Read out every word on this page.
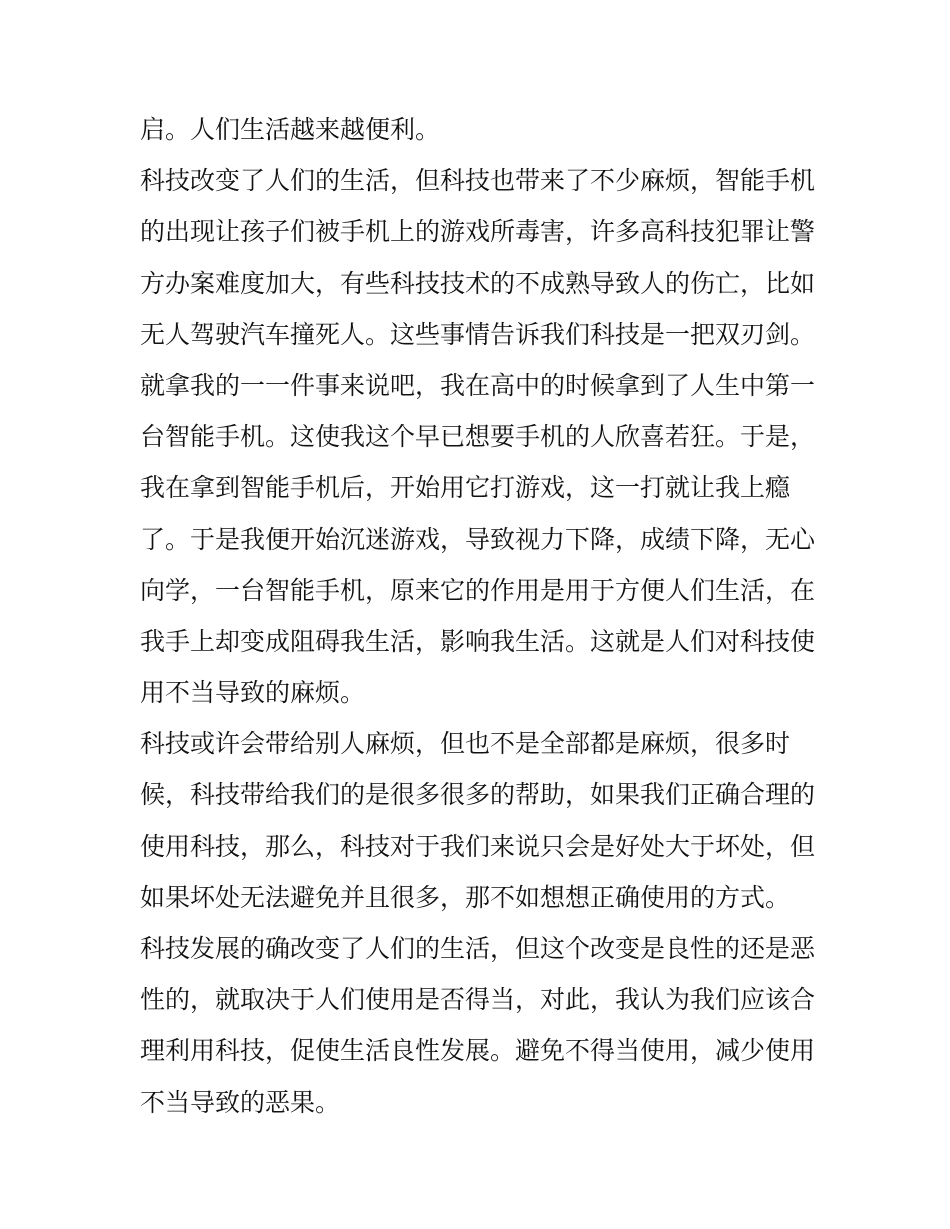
启。人们生活越来越便利。
科技改变了人们的生活，但科技也带来了不少麻烦，智能手机
的出现让孩子们被手机上的游戏所毒害，许多高科技犯罪让警
方办案难度加大，有些科技技术的不成熟导致人的伤亡，比如
无人驾驶汽车撞死人。这些事情告诉我们科技是一把双刃剑。
就拿我的一一件事来说吧，我在高中的时候拿到了人生中第一
台智能手机。这使我这个早已想要手机的人欣喜若狂。于是，
我在拿到智能手机后，开始用它打游戏，这一打就让我上瘾
了。于是我便开始沉迷游戏，导致视力下降，成绩下降，无心
向学，一台智能手机，原来它的作用是用于方便人们生活，在
我手上却变成阻碍我生活，影响我生活。这就是人们对科技使
用不当导致的麻烦。
科技或许会带给别人麻烦，但也不是全部都是麻烦，很多时
候，科技带给我们的是很多很多的帮助，如果我们正确合理的
使用科技，那么，科技对于我们来说只会是好处大于坏处，但
如果坏处无法避免并且很多，那不如想想正确使用的方式。
科技发展的确改变了人们的生活，但这个改变是良性的还是恶
性的，就取决于人们使用是否得当，对此，我认为我们应该合
理利用科技，促使生活良性发展。避免不得当使用，减少使用
不当导致的恶果。
